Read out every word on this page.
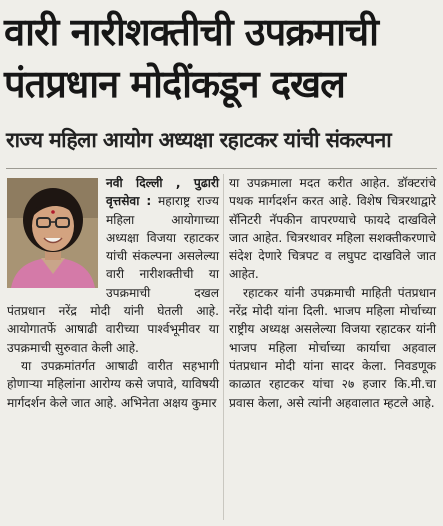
वारी नारीशक्तीची उपक्रमाची
पंतप्रधान मोदींकडून दखल
राज्य महिला आयोग अध्यक्षा रहाटकर यांची संकल्पना

नवी दिल्ली , पुढारी वृत्तसेवा : महाराष्ट्र राज्य महिला आयोगाच्या अध्यक्षा विजया रहाटकर यांची संकल्पना असलेल्या वारी नारीशक्तीची या उपक्रमाची दखल पंतप्रधान नरेंद्र मोदी यांनी घेतली आहे. आयोगातर्फे आषाढी वारीच्या पार्श्वभूमीवर या उपक्रमाची सुरुवात केली आहे.

या उपक्रमांतर्गत आषाढी वारीत सहभागी होणाऱ्या महिलांना आरोग्य कसे जपावे, याविषयी मार्गदर्शन केले जात आहे. अभिनेता अक्षय कुमार

या उपक्रमाला मदत करीत आहेत. डॉक्टरांचे पथक मार्गदर्शन करत आहे. विशेष चित्ररथाद्वारे सॅनिटरी नॅपकीन वापरण्याचे फायदे दाखविले जात आहेत. चित्ररथावर महिला सशक्तीकरणाचे संदेश देणारे चित्रपट व लघुपट दाखविले जात आहेत.

रहाटकर यांनी उपक्रमाची माहिती पंतप्रधान नरेंद्र मोदी यांना दिली. भाजप महिला मोर्चाच्या राष्ट्रीय अध्यक्ष असलेल्या विजया रहाटकर यांनी भाजप महिला मोर्चाच्या कार्याचा अहवाल पंतप्रधान मोदी यांना सादर केला. निवडणूक काळात रहाटकर यांचा २७ हजार कि.मी.चा प्रवास केला, असे त्यांनी अहवालात म्हटले आहे.
